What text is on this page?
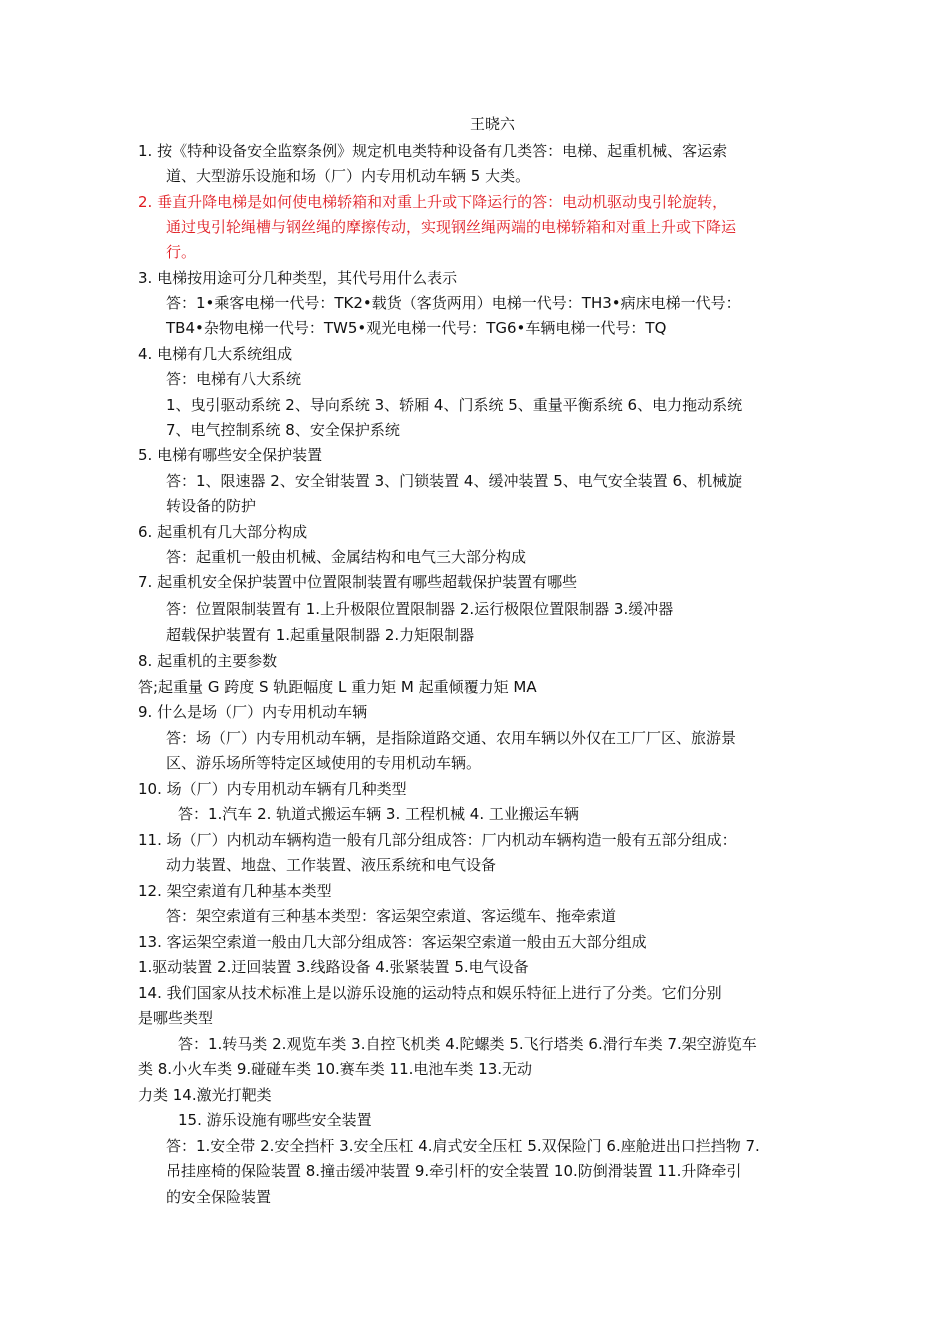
王晓六
1. 按《特种设备安全监察条例》规定机电类特种设备有几类答：电梯、起重机械、客运索
道、大型游乐设施和场（厂）内专用机动车辆 5 大类。
2. 垂直升降电梯是如何使电梯轿箱和对重上升或下降运行的答：电动机驱动曳引轮旋转，
通过曳引轮绳槽与钢丝绳的摩擦传动，实现钢丝绳两端的电梯轿箱和对重上升或下降运
行。
3. 电梯按用途可分几种类型，其代号用什么表示
答：1•乘客电梯一代号：TK2•载货（客货两用）电梯一代号：TH3•病床电梯一代号：
TB4•杂物电梯一代号：TW5•观光电梯一代号：TG6•车辆电梯一代号：TQ
4. 电梯有几大系统组成
答：电梯有八大系统
1、曳引驱动系统 2、导向系统 3、轿厢 4、门系统 5、重量平衡系统 6、电力拖动系统
7、电气控制系统 8、安全保护系统
5. 电梯有哪些安全保护装置
答：1、限速器 2、安全钳装置 3、门锁装置 4、缓冲装置 5、电气安全装置 6、机械旋
转设备的防护
6. 起重机有几大部分构成
答：起重机一般由机械、金属结构和电气三大部分构成
7. 起重机安全保护装置中位置限制装置有哪些超载保护装置有哪些
答：位置限制装置有 1.上升极限位置限制器 2.运行极限位置限制器 3.缓冲器
超载保护装置有 1.起重量限制器 2.力矩限制器
8. 起重机的主要参数
答;起重量 G 跨度 S 轨距幅度 L 重力矩 M 起重倾覆力矩 MA
9. 什么是场（厂）内专用机动车辆
答：场（厂）内专用机动车辆，是指除道路交通、农用车辆以外仅在工厂厂区、旅游景
区、游乐场所等特定区域使用的专用机动车辆。
10. 场（厂）内专用机动车辆有几种类型
答：1.汽车 2. 轨道式搬运车辆 3. 工程机械 4. 工业搬运车辆
11. 场（厂）内机动车辆构造一般有几部分组成答：厂内机动车辆构造一般有五部分组成：
动力装置、地盘、工作装置、液压系统和电气设备
12. 架空索道有几种基本类型
答：架空索道有三种基本类型：客运架空索道、客运缆车、拖牵索道
13. 客运架空索道一般由几大部分组成答：客运架空索道一般由五大部分组成
1.驱动装置 2.迂回装置 3.线路设备 4.张紧装置 5.电气设备
14. 我们国家从技术标准上是以游乐设施的运动特点和娱乐特征上进行了分类。它们分别
是哪些类型
答：1.转马类 2.观览车类 3.自控飞机类 4.陀螺类 5.飞行塔类 6.滑行车类 7.架空游览车
类 8.小火车类 9.碰碰车类 10.赛车类 11.电池车类 13.无动
力类 14.激光打靶类
15. 游乐设施有哪些安全装置
答：1.安全带 2.安全挡杆 3.安全压杠 4.肩式安全压杠 5.双保险门 6.座舱进出口拦挡物 7.
吊挂座椅的保险装置 8.撞击缓冲装置 9.牵引杆的安全装置 10.防倒滑装置 11.升降牵引
的安全保险装置
